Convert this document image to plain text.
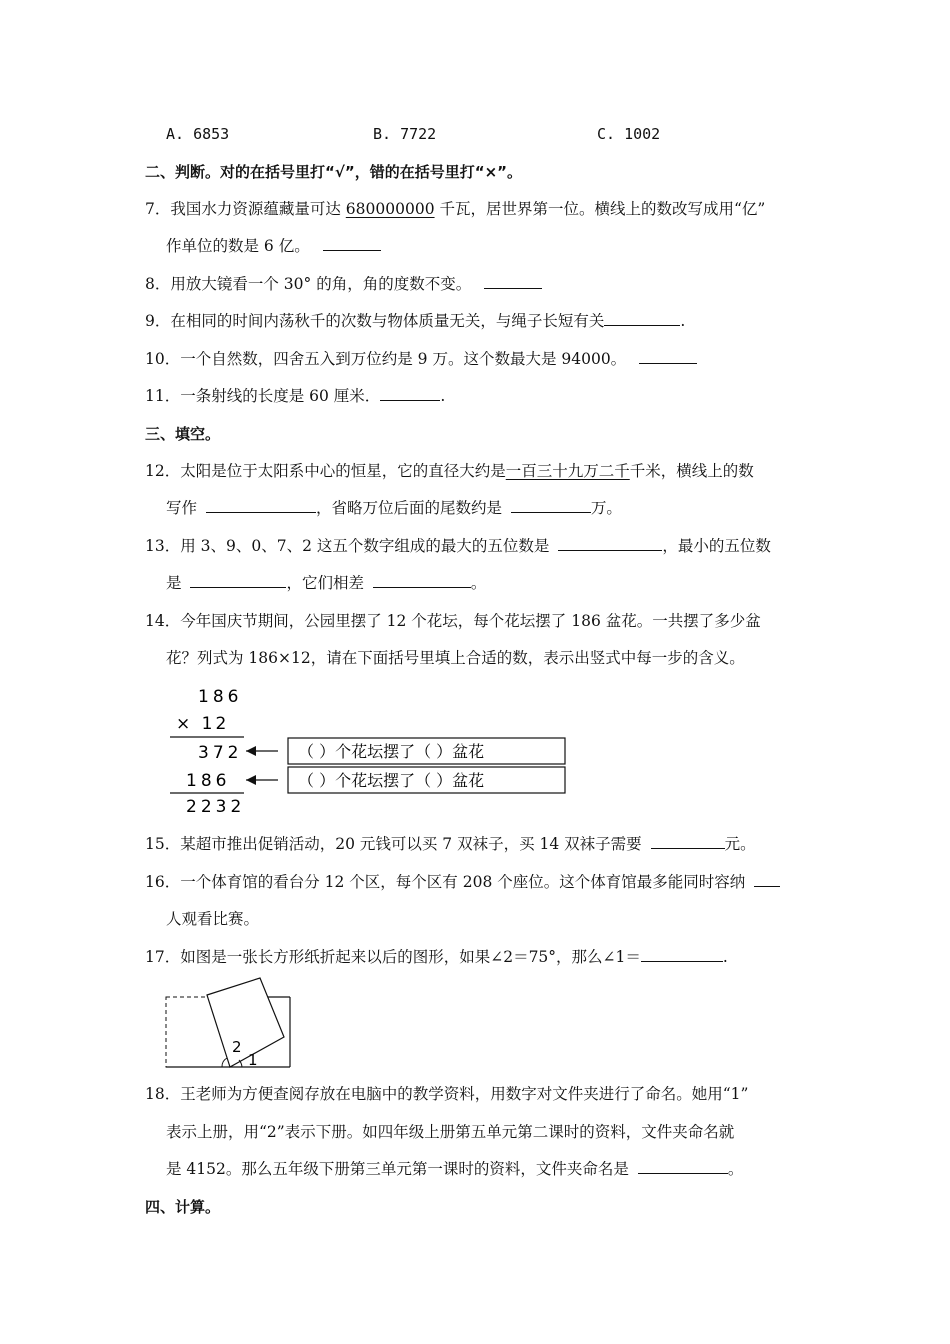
A. 6853	B. 7722	C. 1002
二、判断。对的在括号里打“√”，错的在括号里打“×”。
7．我国水力资源蕴藏量可达 680000000 千瓦，居世界第一位。横线上的数改写成用“亿”
作单位的数是 6 亿。
8．用放大镜看一个 30° 的角，角的度数不变。
9．在相同的时间内荡秋千的次数与物体质量无关，与绳子长短有关	.
10．一个自然数，四舍五入到万位约是 9 万。这个数最大是 94000。
11．一条射线的长度是 60 厘米．	.
三、填空。
12．太阳是位于太阳系中心的恒星，它的直径大约是一百三十九万二千千米，横线上的数
写作	，省略万位后面的尾数约是	万。
13．用 3、9、0、7、2 这五个数字组成的最大的五位数是	，最小的五位数
是	，它们相差	。
14．今年国庆节期间，公园里摆了 12 个花坛，每个花坛摆了 186 盆花。一共摆了多少盆
花？列式为 186×12，请在下面括号里填上合适的数，表示出竖式中每一步的含义。
186
× 12
372
186
2232
（ ）个花坛摆了（ ）盆花
（ ）个花坛摆了（ ）盆花
15．某超市推出促销活动，20 元钱可以买 7 双袜子，买 14 双袜子需要	元。
16．一个体育馆的看台分 12 个区，每个区有 208 个座位。这个体育馆最多能同时容纳
人观看比赛。
17．如图是一张长方形纸折起来以后的图形，如果∠2＝75°，那么∠1＝	.
2
1
18．王老师为方便查阅存放在电脑中的教学资料，用数字对文件夹进行了命名。她用“1”
表示上册，用“2”表示下册。如四年级上册第五单元第二课时的资料，文件夹命名就
是 4152。那么五年级下册第三单元第一课时的资料，文件夹命名是	。
四、计算。
